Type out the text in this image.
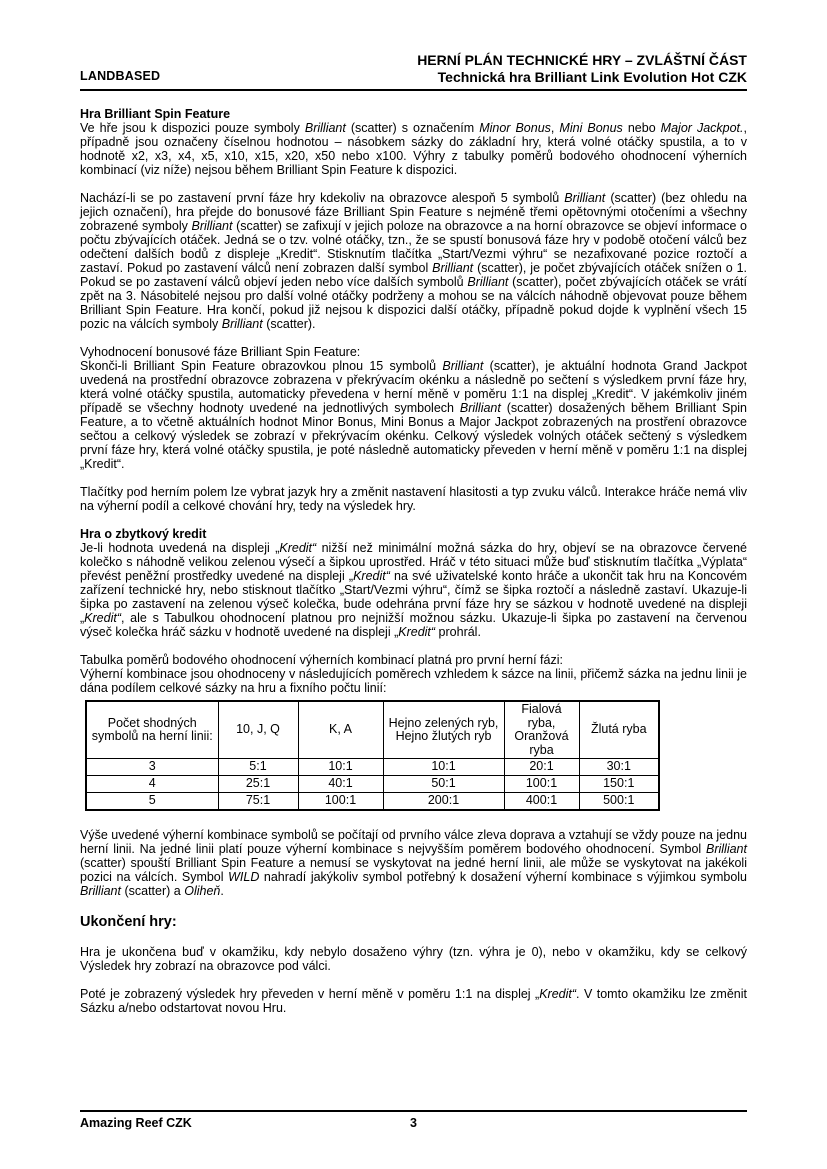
LANDBASED
HERNÍ PLÁN TECHNICKÉ HRY – ZVLÁŠTNÍ ČÁST
Technická hra Brilliant Link Evolution Hot CZK

Hra Brilliant Spin Feature

Ve hře jsou k dispozici pouze symboly Brilliant (scatter) s označením Minor Bonus, Mini Bonus nebo Major Jackpot., případně jsou označeny číselnou hodnotou – násobkem sázky do základní hry, která volné otáčky spustila, a to v hodnotě x2, x3, x4, x5, x10, x15, x20, x50 nebo x100. Výhry z tabulky poměrů bodového ohodnocení výherních kombinací (viz níže) nejsou během Brilliant Spin Feature k dispozici.

Nachází-li se po zastavení první fáze hry kdekoliv na obrazovce alespoň 5 symbolů Brilliant (scatter) (bez ohledu na jejich označení), hra přejde do bonusové fáze Brilliant Spin Feature s nejméně třemi opětovnými otočeními a všechny zobrazené symboly Brilliant (scatter) se zafixují v jejich poloze na obrazovce a na horní obrazovce se objeví informace o počtu zbývajících otáček. Jedná se o tzv. volné otáčky, tzn., že se spustí bonusová fáze hry v podobě otočení válců bez odečtení dalších bodů z displeje „Kredit“. Stisknutím tlačítka „Start/Vezmi výhru“ se nezafixované pozice roztočí a zastaví. Pokud po zastavení válců není zobrazen další symbol Brilliant (scatter), je počet zbývajících otáček snížen o 1. Pokud se po zastavení válců objeví jeden nebo více dalších symbolů Brilliant (scatter), počet zbývajících otáček se vrátí zpět na 3. Násobitelé nejsou pro další volné otáčky podrženy a mohou se na válcích náhodně objevovat pouze během Brilliant Spin Feature. Hra končí, pokud již nejsou k dispozici další otáčky, případně pokud dojde k vyplnění všech 15 pozic na válcích symboly Brilliant (scatter).

Vyhodnocení bonusové fáze Brilliant Spin Feature:

Skonči-li Brilliant Spin Feature obrazovkou plnou 15 symbolů Brilliant (scatter), je aktuální hodnota Grand Jackpot uvedená na prostřední obrazovce zobrazena v překrývacím okénku a následně po sečtení s výsledkem první fáze hry, která volné otáčky spustila, automaticky převedena v herní měně v poměru 1:1 na displej „Kredit“. V jakémkoliv jiném případě se všechny hodnoty uvedené na jednotlivých symbolech Brilliant (scatter) dosažených během Brilliant Spin Feature, a to včetně aktuálních hodnot Minor Bonus, Mini Bonus a Major Jackpot zobrazených na prostření obrazovce sečtou a celkový výsledek se zobrazí v překrývacím okénku. Celkový výsledek volných otáček sečtený s výsledkem první fáze hry, která volné otáčky spustila, je poté následně automaticky převeden v herní měně v poměru 1:1 na displej „Kredit“.

Tlačítky pod herním polem lze vybrat jazyk hry a změnit nastavení hlasitosti a typ zvuku válců. Interakce hráče nemá vliv na výherní podíl a celkové chování hry, tedy na výsledek hry.

Hra o zbytkový kredit

Je-li hodnota uvedená na displeji „Kredit“ nižší než minimální možná sázka do hry, objeví se na obrazovce červené kolečko s náhodně velikou zelenou výsečí a šipkou uprostřed. Hráč v této situaci může buď stisknutím tlačítka „Výplata“ převést peněžní prostředky uvedené na displeji „Kredit“ na své uživatelské konto hráče a ukončit tak hru na Koncovém zařízení technické hry, nebo stisknout tlačítko „Start/Vezmi výhru“, čímž se šipka roztočí a následně zastaví. Ukazuje-li šipka po zastavení na zelenou výseč kolečka, bude odehrána první fáze hry se sázkou v hodnotě uvedené na displeji „Kredit“, ale s Tabulkou ohodnocení platnou pro nejnižší možnou sázku. Ukazuje-li šipka po zastavení na červenou výseč kolečka hráč sázku v hodnotě uvedené na displeji „Kredit“ prohrál.

Tabulka poměrů bodového ohodnocení výherních kombinací platná pro první herní fázi:

Výherní kombinace jsou ohodnoceny v následujících poměrech vzhledem k sázce na linii, přičemž sázka na jednu linii je dána podílem celkové sázky na hru a fixního počtu linií:

Počet shodných symbolů na herní linii:	10, J, Q	K, A	Hejno zelených ryb, Hejno žlutých ryb	Fialová ryba, Oranžová ryba	Žlutá ryba
3	5:1	10:1	10:1	20:1	30:1
4	25:1	40:1	50:1	100:1	150:1
5	75:1	100:1	200:1	400:1	500:1

Výše uvedené výherní kombinace symbolů se počítají od prvního válce zleva doprava a vztahují se vždy pouze na jednu herní linii. Na jedné linii platí pouze výherní kombinace s nejvyšším poměrem bodového ohodnocení. Symbol Brilliant (scatter) spouští Brilliant Spin Feature a nemusí se vyskytovat na jedné herní linii, ale může se vyskytovat na jakékoli pozici na válcích. Symbol WILD nahradí jakýkoliv symbol potřebný k dosažení výherní kombinace s výjimkou symbolu Brilliant (scatter) a Oliheň.

Ukončení hry:

Hra je ukončena buď v okamžiku, kdy nebylo dosaženo výhry (tzn. výhra je 0), nebo v okamžiku, kdy se celkový Výsledek hry zobrazí na obrazovce pod válci.

Poté je zobrazený výsledek hry převeden v herní měně v poměru 1:1 na displej „Kredit“. V tomto okamžiku lze změnit Sázku a/nebo odstartovat novou Hru.

Amazing Reef CZK	3
